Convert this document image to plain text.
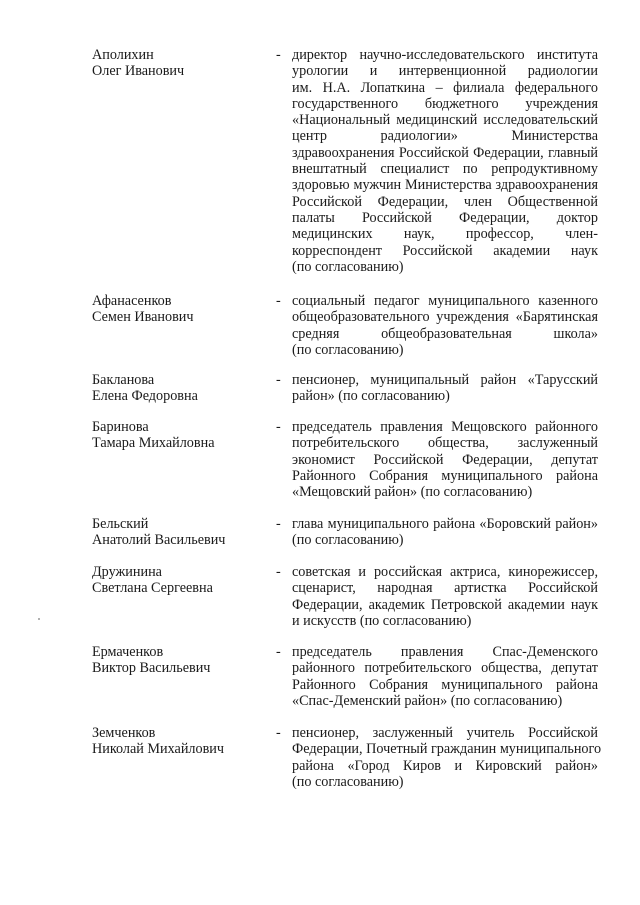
Аполихин
Олег Иванович
- директор научно-исследовательского института
урологии и интервенционной радиологии
им. Н.А. Лопаткина – филиала федерального
государственного бюджетного учреждения
«Национальный медицинский исследовательский
центр радиологии» Министерства
здравоохранения Российской Федерации, главный
внештатный специалист по репродуктивному
здоровью мужчин Министерства здравоохранения
Российской Федерации, член Общественной
палаты Российской Федерации, доктор
медицинских наук, профессор, член-
корреспондент Российской академии наук
(по согласованию)
Афанасенков
Семен Иванович
- социальный педагог муниципального казенного
общеобразовательного учреждения «Барятинская
средняя общеобразовательная школа»
(по согласованию)
Бакланова
Елена Федоровна
- пенсионер, муниципальный район «Тарусский
район» (по согласованию)
Баринова
Тамара Михайловна
- председатель правления Мещовского районного
потребительского общества, заслуженный
экономист Российской Федерации, депутат
Районного Собрания муниципального района
«Мещовский район» (по согласованию)
Бельский
Анатолий Васильевич
- глава муниципального района «Боровский район»
(по согласованию)
Дружинина
Светлана Сергеевна
- советская и российская актриса, кинорежиссер,
сценарист, народная артистка Российской
Федерации, академик Петровской академии наук
и искусств (по согласованию)
Ермаченков
Виктор Васильевич
- председатель правления Спас-Деменского
районного потребительского общества, депутат
Районного Собрания муниципального района
«Спас-Деменский район» (по согласованию)
Земченков
Николай Михайлович
- пенсионер, заслуженный учитель Российской
Федерации, Почетный гражданин муниципального
района «Город Киров и Кировский район»
(по согласованию)
